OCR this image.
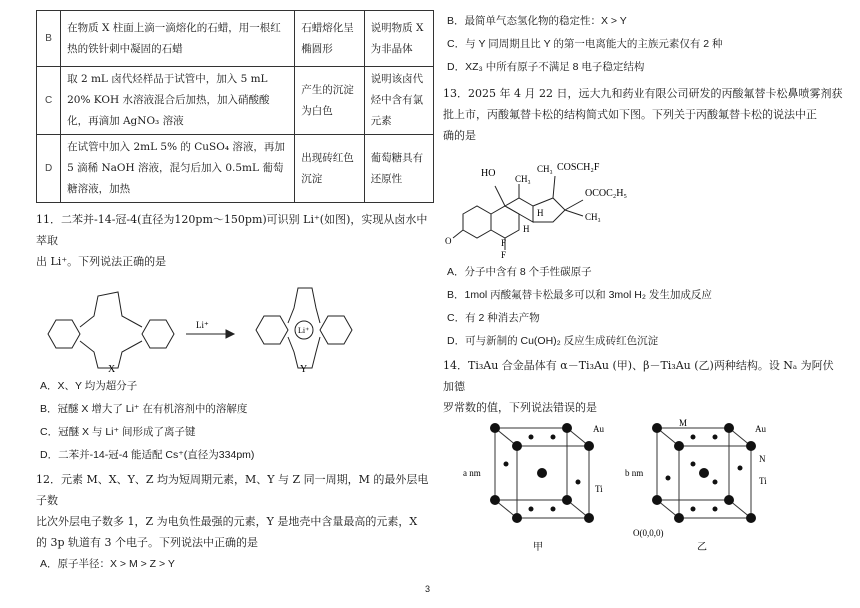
B	在物质 X 柱面上滴一滴熔化的石蜡，用一根红热的铁针刺中凝固的石蜡	石蜡熔化呈椭圆形	说明物质 X 为非晶体
C	取 2 mL 卤代烃样品于试管中，加入 5 mL 20% KOH 水溶液混合后加热，加入硝酸酸化，再滴加 AgNO₃ 溶液	产生的沉淀为白色	说明该卤代烃中含有氯元素
D	在试管中加入 2mL 5% 的 CuSO₄ 溶液，再加 5 滴稀 NaOH 溶液，混匀后加入 0.5mL 葡萄糖溶液，加热	出现砖红色沉淀	葡萄糖具有还原性
11．二苯并-14-冠-4(直径为120pm～150pm)可识别 Li⁺(如图)，实现从卤水中萃取
出 Li⁺。下列说法正确的是
Li⁺
Li⁺
X	Y
A．X、Y 均为超分子
B．冠醚 X 增大了 Li⁺ 在有机溶剂中的溶解度
C．冠醚 X 与 Li⁺ 间形成了离子键
D．二苯并-14-冠-4 能适配 Cs⁺(直径为334pm)
12．元素 M、X、Y、Z 均为短周期元素，M、Y 与 Z 同一周期，M 的最外层电子数
比次外层电子数多 1，Z 为电负性最强的元素，Y 是地壳中含量最高的元素，X
的 3p 轨道有 3 个电子。下列说法中正确的是
A．原子半径：X > M > Z > Y
B．最简单气态氢化物的稳定性：X > Y
C．与 Y 同周期且比 Y 的第一电离能大的主族元素仅有 2 种
D．XZ₃ 中所有原子不满足 8 电子稳定结构
13．2025 年 4 月 22 日，远大九和药业有限公司研发的丙酸氟替卡松鼻喷雾剂获
批上市，丙酸氟替卡松的结构简式如下图。下列关于丙酸氟替卡松的说法中正
确的是
HO
COSCH₂F
OCOC₂H₅
CH₃
CH₃
CH₃
H
H
F
F
O
A．分子中含有 8 个手性碳原子
B．1mol 丙酸氟替卡松最多可以和 3mol H₂ 发生加成反应
C．有 2 种消去产物
D．可与新制的 Cu(OH)₂ 反应生成砖红色沉淀
14．Ti₃Au 合金晶体有 α－Ti₃Au (甲)、β－Ti₃Au (乙)两种结构。设 Nₐ 为阿伏加德
罗常数的值，下列说法错误的是
Au
Ti
a nm
甲
M
Au
N
Ti
b nm
O(0,0,0)
乙
3
